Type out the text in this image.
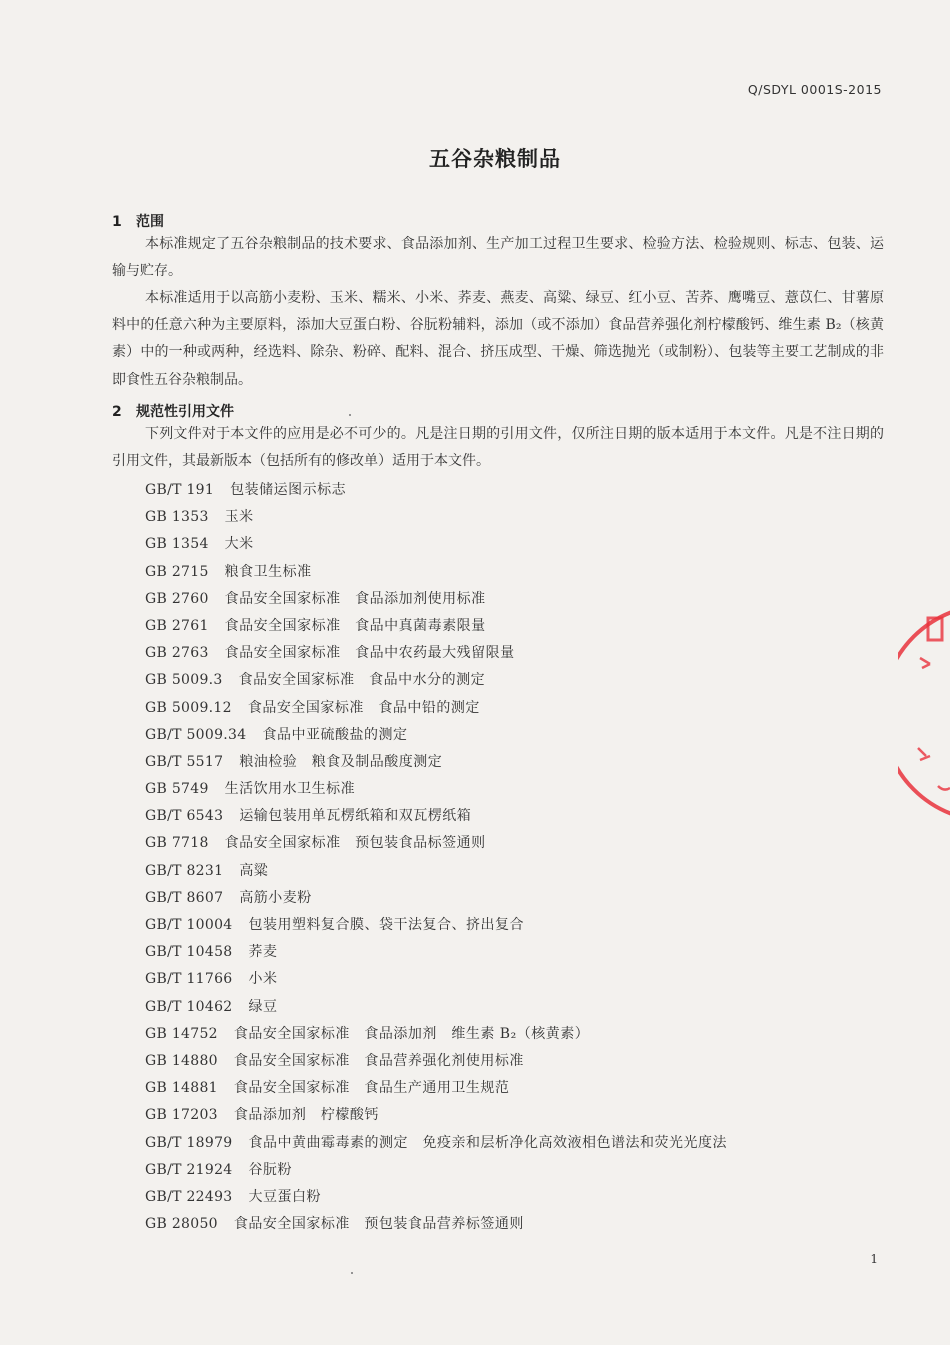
Q/SDYL 0001S-2015
五谷杂粮制品
1 范围

本标准规定了五谷杂粮制品的技术要求、食品添加剂、生产加工过程卫生要求、检验方法、检验规则、标志、包装、运输与贮存。

本标准适用于以高筋小麦粉、玉米、糯米、小米、荞麦、燕麦、高粱、绿豆、红小豆、苦荞、鹰嘴豆、薏苡仁、甘薯原料中的任意六种为主要原料，添加大豆蛋白粉、谷朊粉辅料，添加（或不添加）食品营养强化剂柠檬酸钙、维生素 B₂（核黄素）中的一种或两种，经选料、除杂、粉碎、配料、混合、挤压成型、干燥、筛选抛光（或制粉）、包装等主要工艺制成的非即食性五谷杂粮制品。

2 规范性引用文件

下列文件对于本文件的应用是必不可少的。凡是注日期的引用文件，仅所注日期的版本适用于本文件。凡是不注日期的引用文件，其最新版本（包括所有的修改单）适用于本文件。

GB/T 191 包装储运图示标志
GB 1353 玉米
GB 1354 大米
GB 2715 粮食卫生标准
GB 2760 食品安全国家标准　食品添加剂使用标准
GB 2761 食品安全国家标准　食品中真菌毒素限量
GB 2763 食品安全国家标准　食品中农药最大残留限量
GB 5009.3 食品安全国家标准　食品中水分的测定
GB 5009.12 食品安全国家标准　食品中铅的测定
GB/T 5009.34 食品中亚硫酸盐的测定
GB/T 5517 粮油检验　粮食及制品酸度测定
GB 5749 生活饮用水卫生标准
GB/T 6543 运输包装用单瓦楞纸箱和双瓦楞纸箱
GB 7718 食品安全国家标准　预包装食品标签通则
GB/T 8231 高粱
GB/T 8607 高筋小麦粉
GB/T 10004 包装用塑料复合膜、袋干法复合、挤出复合
GB/T 10458 荞麦
GB/T 11766 小米
GB/T 10462 绿豆
GB 14752 食品安全国家标准　食品添加剂　维生素 B₂（核黄素）
GB 14880 食品安全国家标准　食品营养强化剂使用标准
GB 14881 食品安全国家标准　食品生产通用卫生规范
GB 17203 食品添加剂　柠檬酸钙
GB/T 18979 食品中黄曲霉毒素的测定　免疫亲和层析净化高效液相色谱法和荧光光度法
GB/T 21924 谷朊粉
GB/T 22493 大豆蛋白粉
GB 28050 食品安全国家标准　预包装食品营养标签通则
1
